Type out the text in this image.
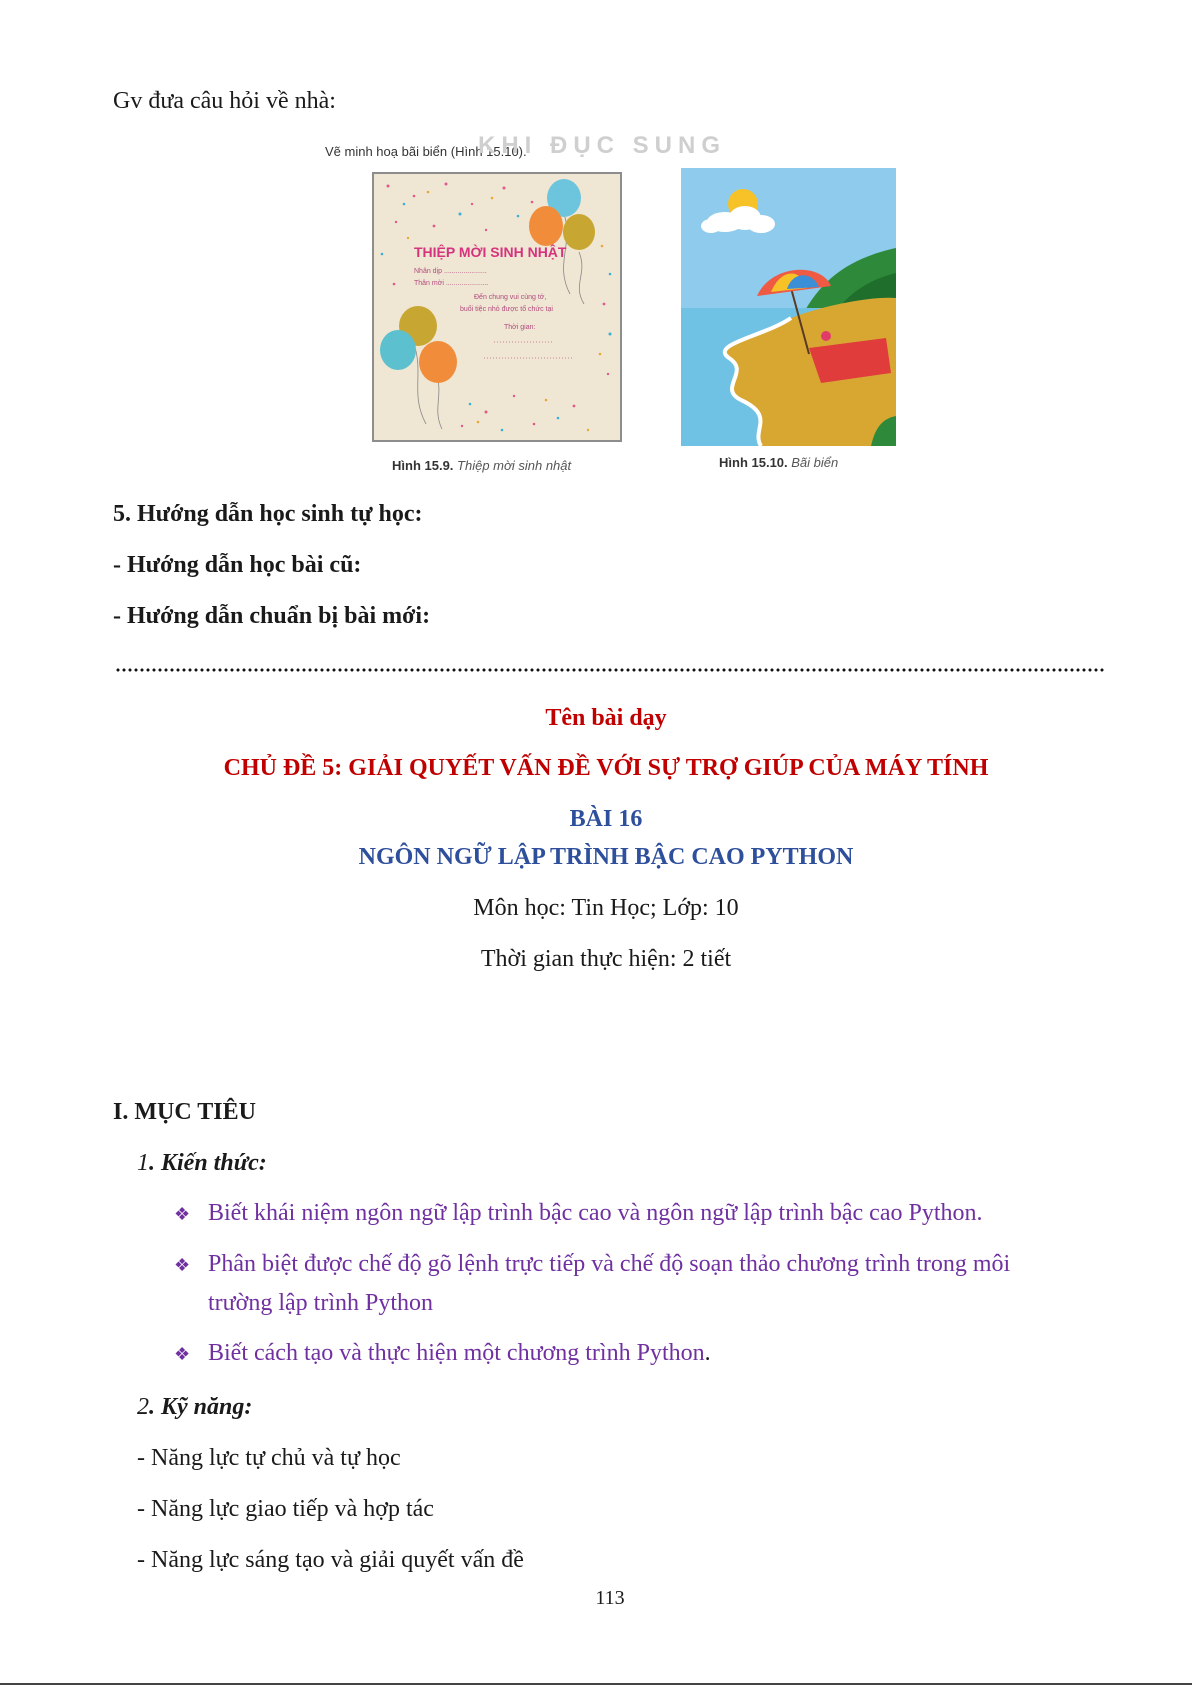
Gv đưa câu hỏi về nhà:
Vẽ minh hoạ bãi biển (Hình 15.10).
KHI ĐỤC SUNG
THIỆP MỜI SINH NHẬT
Nhân dịp ......................
Thân mời ......................
Đến chung vui cùng tớ,
buổi tiệc nhỏ được tổ chức tại
Thời gian:
Hình 15.9. Thiệp mời sinh nhật	Hình 15.10. Bãi biển
5. Hướng dẫn học sinh tự học:
- Hướng dẫn học bài cũ:
- Hướng dẫn chuẩn bị bài mới:
Tên bài dạy
CHỦ ĐỀ 5: GIẢI QUYẾT VẤN ĐỀ VỚI SỰ TRỢ GIÚP CỦA MÁY TÍNH
BÀI 16
NGÔN NGỮ LẬP TRÌNH BẬC CAO PYTHON
Môn học: Tin Học; Lớp: 10
Thời gian thực hiện: 2 tiết
I. MỤC TIÊU
1. Kiến thức:
❖ Biết khái niệm ngôn ngữ lập trình bậc cao và ngôn ngữ lập trình bậc cao Python.
❖ Phân biệt được chế độ gõ lệnh trực tiếp và chế độ soạn thảo chương trình trong môi
trường lập trình Python
❖ Biết cách tạo và thực hiện một chương trình Python.
2. Kỹ năng:
- Năng lực tự chủ và tự học
- Năng lực giao tiếp và hợp tác
- Năng lực sáng tạo và giải quyết vấn đề
113
